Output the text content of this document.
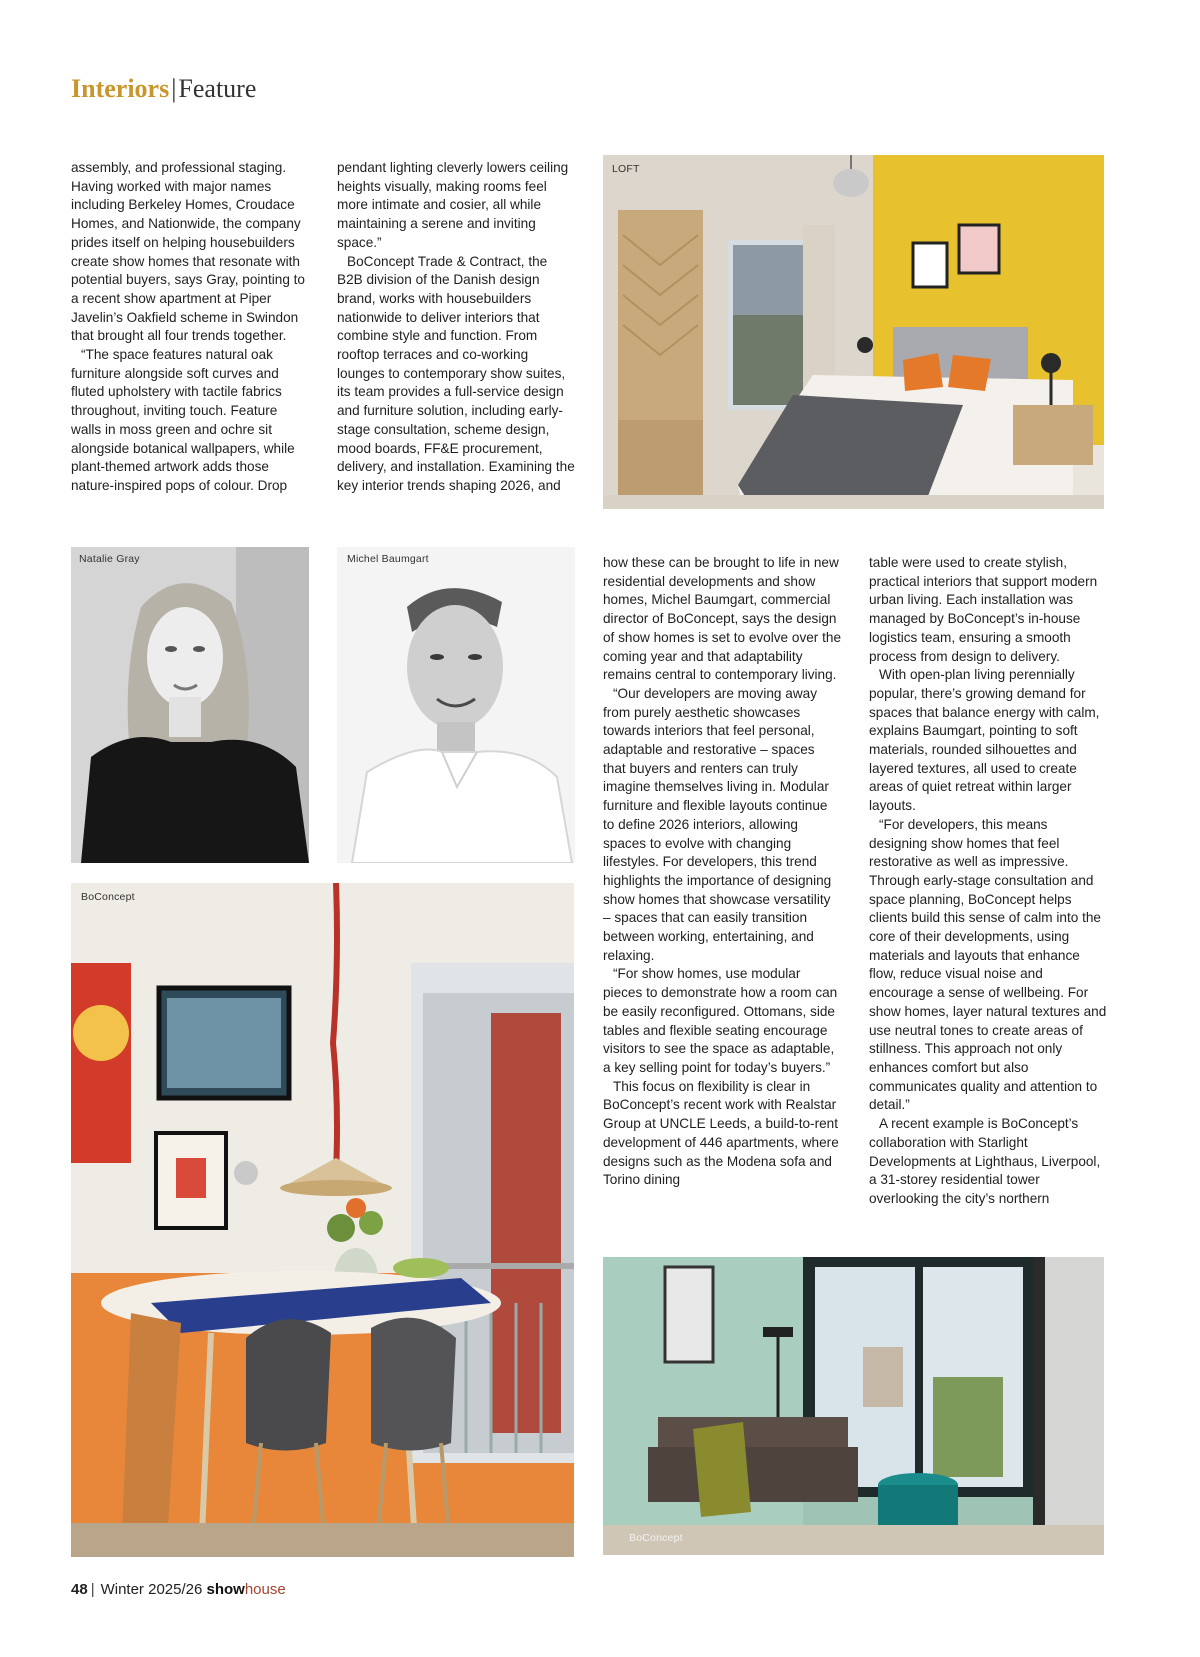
Interiors|Feature

assembly, and professional staging. Having worked with major names including Berkeley Homes, Croudace Homes, and Nationwide, the company prides itself on helping housebuilders create show homes that resonate with potential buyers, says Gray, pointing to a recent show apartment at Piper Javelin’s Oakfield scheme in Swindon that brought all four trends together.

“The space features natural oak furniture alongside soft curves and fluted upholstery with tactile fabrics throughout, inviting touch. Feature walls in moss green and ochre sit alongside botanical wallpapers, while plant-themed artwork adds those nature-inspired pops of colour. Drop

pendant lighting cleverly lowers ceiling heights visually, making rooms feel more intimate and cosier, all while maintaining a serene and inviting space.”

BoConcept Trade & Contract, the B2B division of the Danish design brand, works with housebuilders nationwide to deliver interiors that combine style and function. From rooftop terraces and co-working lounges to contemporary show suites, its team provides a full-service design and furniture solution, including early-stage consultation, scheme design, mood boards, FF&E procurement, delivery, and installation. Examining the key interior trends shaping 2026, and

LOFT
Natalie Gray	Michel Baumgart
BoConcept

how these can be brought to life in new residential developments and show homes, Michel Baumgart, commercial director of BoConcept, says the design of show homes is set to evolve over the coming year and that adaptability remains central to contemporary living.

“Our developers are moving away from purely aesthetic showcases towards interiors that feel personal, adaptable and restorative – spaces that buyers and renters can truly imagine themselves living in. Modular furniture and flexible layouts continue to define 2026 interiors, allowing spaces to evolve with changing lifestyles. For developers, this trend highlights the importance of designing show homes that showcase versatility – spaces that can easily transition between working, entertaining, and relaxing.

“For show homes, use modular pieces to demonstrate how a room can be easily reconfigured. Ottomans, side tables and flexible seating encourage visitors to see the space as adaptable, a key selling point for today’s buyers.”

This focus on flexibility is clear in BoConcept’s recent work with Realstar Group at UNCLE Leeds, a build-to-rent development of 446 apartments, where designs such as the Modena sofa and Torino dining

table were used to create stylish, practical interiors that support modern urban living. Each installation was managed by BoConcept’s in-house logistics team, ensuring a smooth process from design to delivery.

With open-plan living perennially popular, there’s growing demand for spaces that balance energy with calm, explains Baumgart, pointing to soft materials, rounded silhouettes and layered textures, all used to create areas of quiet retreat within larger layouts.

“For developers, this means designing show homes that feel restorative as well as impressive. Through early-stage consultation and space planning, BoConcept helps clients build this sense of calm into the core of their developments, using materials and layouts that enhance flow, reduce visual noise and encourage a sense of wellbeing. For show homes, layer natural textures and use neutral tones to create areas of stillness. This approach not only enhances comfort but also communicates quality and attention to detail.”

A recent example is BoConcept’s collaboration with Starlight Developments at Lighthaus, Liverpool, a 31-storey residential tower overlooking the city’s northern

BoConcept
48 | Winter 2025/26 showhouse
